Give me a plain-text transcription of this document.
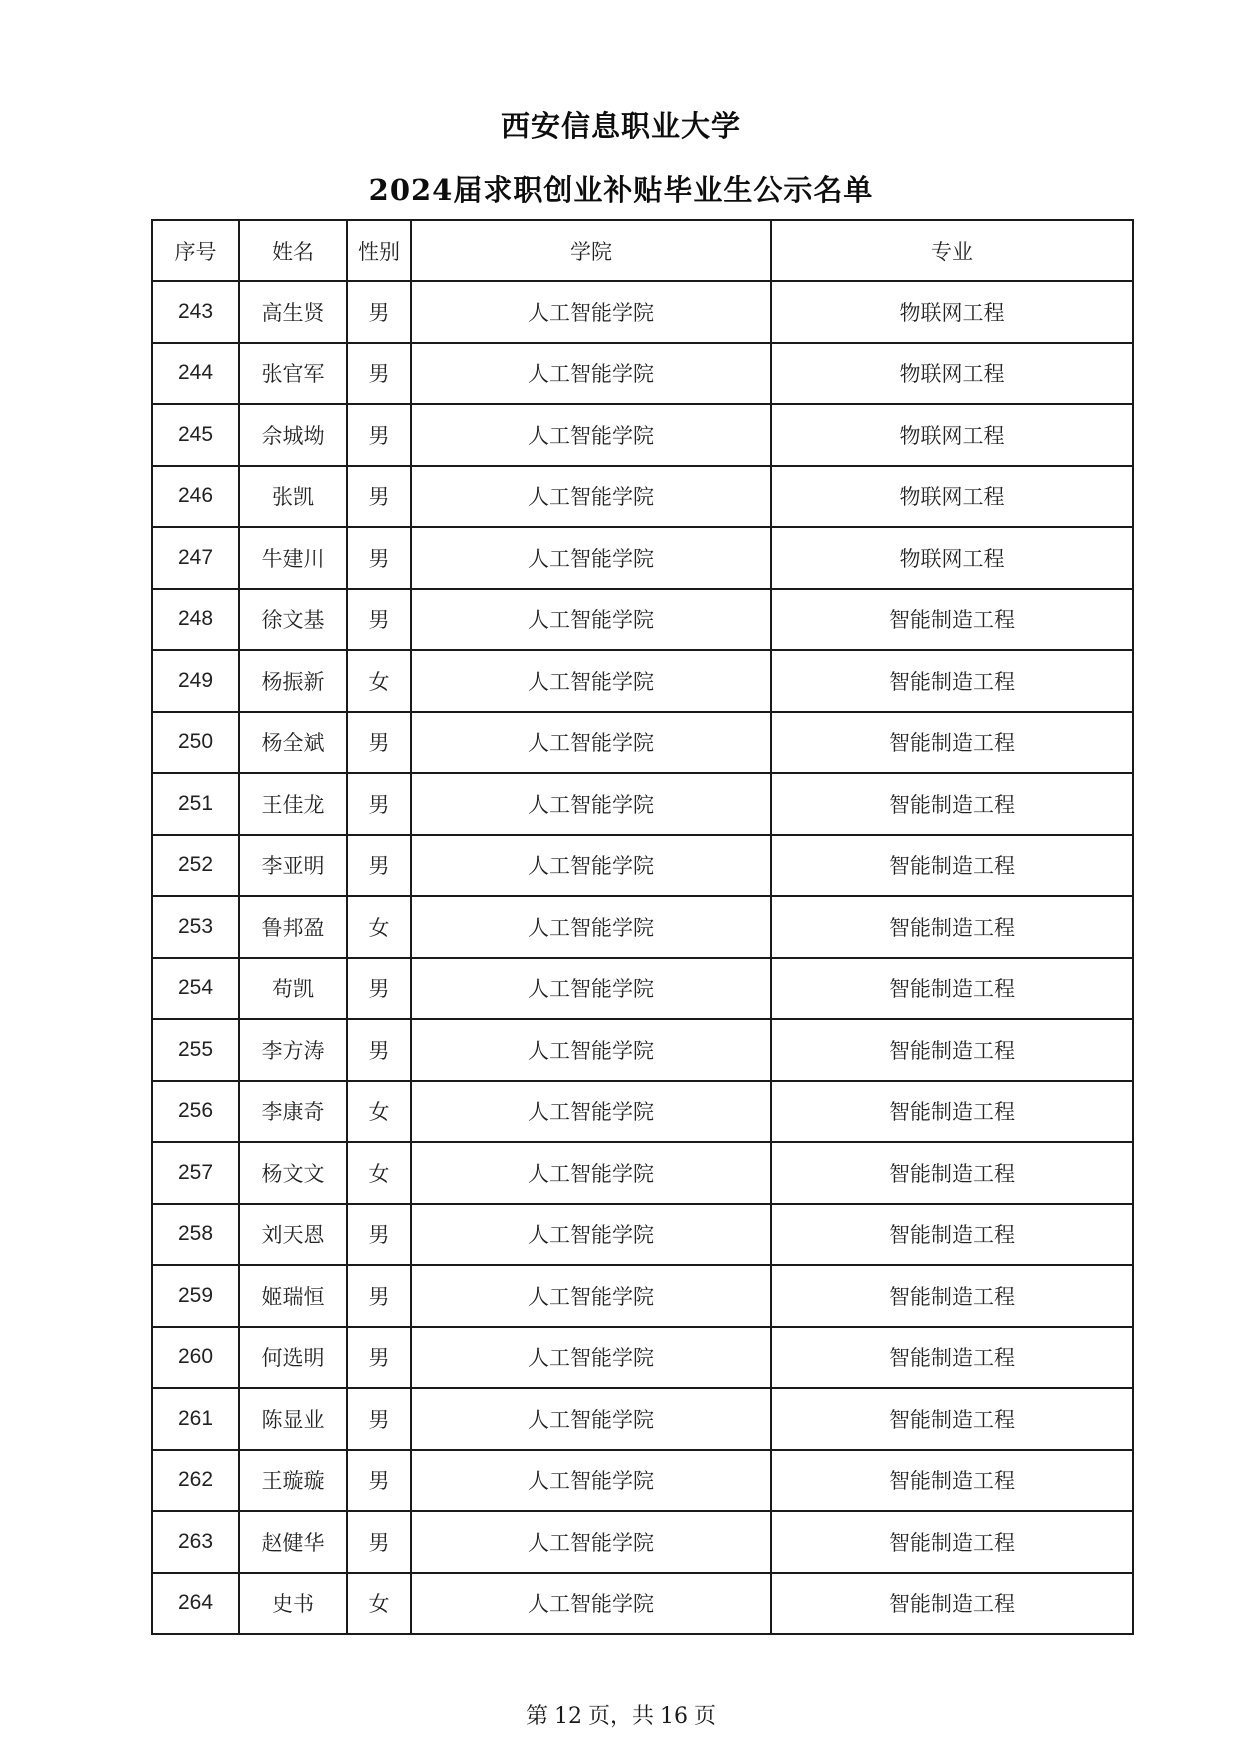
西安信息职业大学
2024届求职创业补贴毕业生公示名单
序号	姓名	性别	学院	专业
243	高生贤	男	人工智能学院	物联网工程
244	张官军	男	人工智能学院	物联网工程
245	佘城坳	男	人工智能学院	物联网工程
246	张凯	男	人工智能学院	物联网工程
247	牛建川	男	人工智能学院	物联网工程
248	徐文基	男	人工智能学院	智能制造工程
249	杨振新	女	人工智能学院	智能制造工程
250	杨全斌	男	人工智能学院	智能制造工程
251	王佳龙	男	人工智能学院	智能制造工程
252	李亚明	男	人工智能学院	智能制造工程
253	鲁邦盈	女	人工智能学院	智能制造工程
254	苟凯	男	人工智能学院	智能制造工程
255	李方涛	男	人工智能学院	智能制造工程
256	李康奇	女	人工智能学院	智能制造工程
257	杨文文	女	人工智能学院	智能制造工程
258	刘天恩	男	人工智能学院	智能制造工程
259	姬瑞恒	男	人工智能学院	智能制造工程
260	何选明	男	人工智能学院	智能制造工程
261	陈显业	男	人工智能学院	智能制造工程
262	王璇璇	男	人工智能学院	智能制造工程
263	赵健华	男	人工智能学院	智能制造工程
264	史书	女	人工智能学院	智能制造工程
第 12 页，共 16 页
